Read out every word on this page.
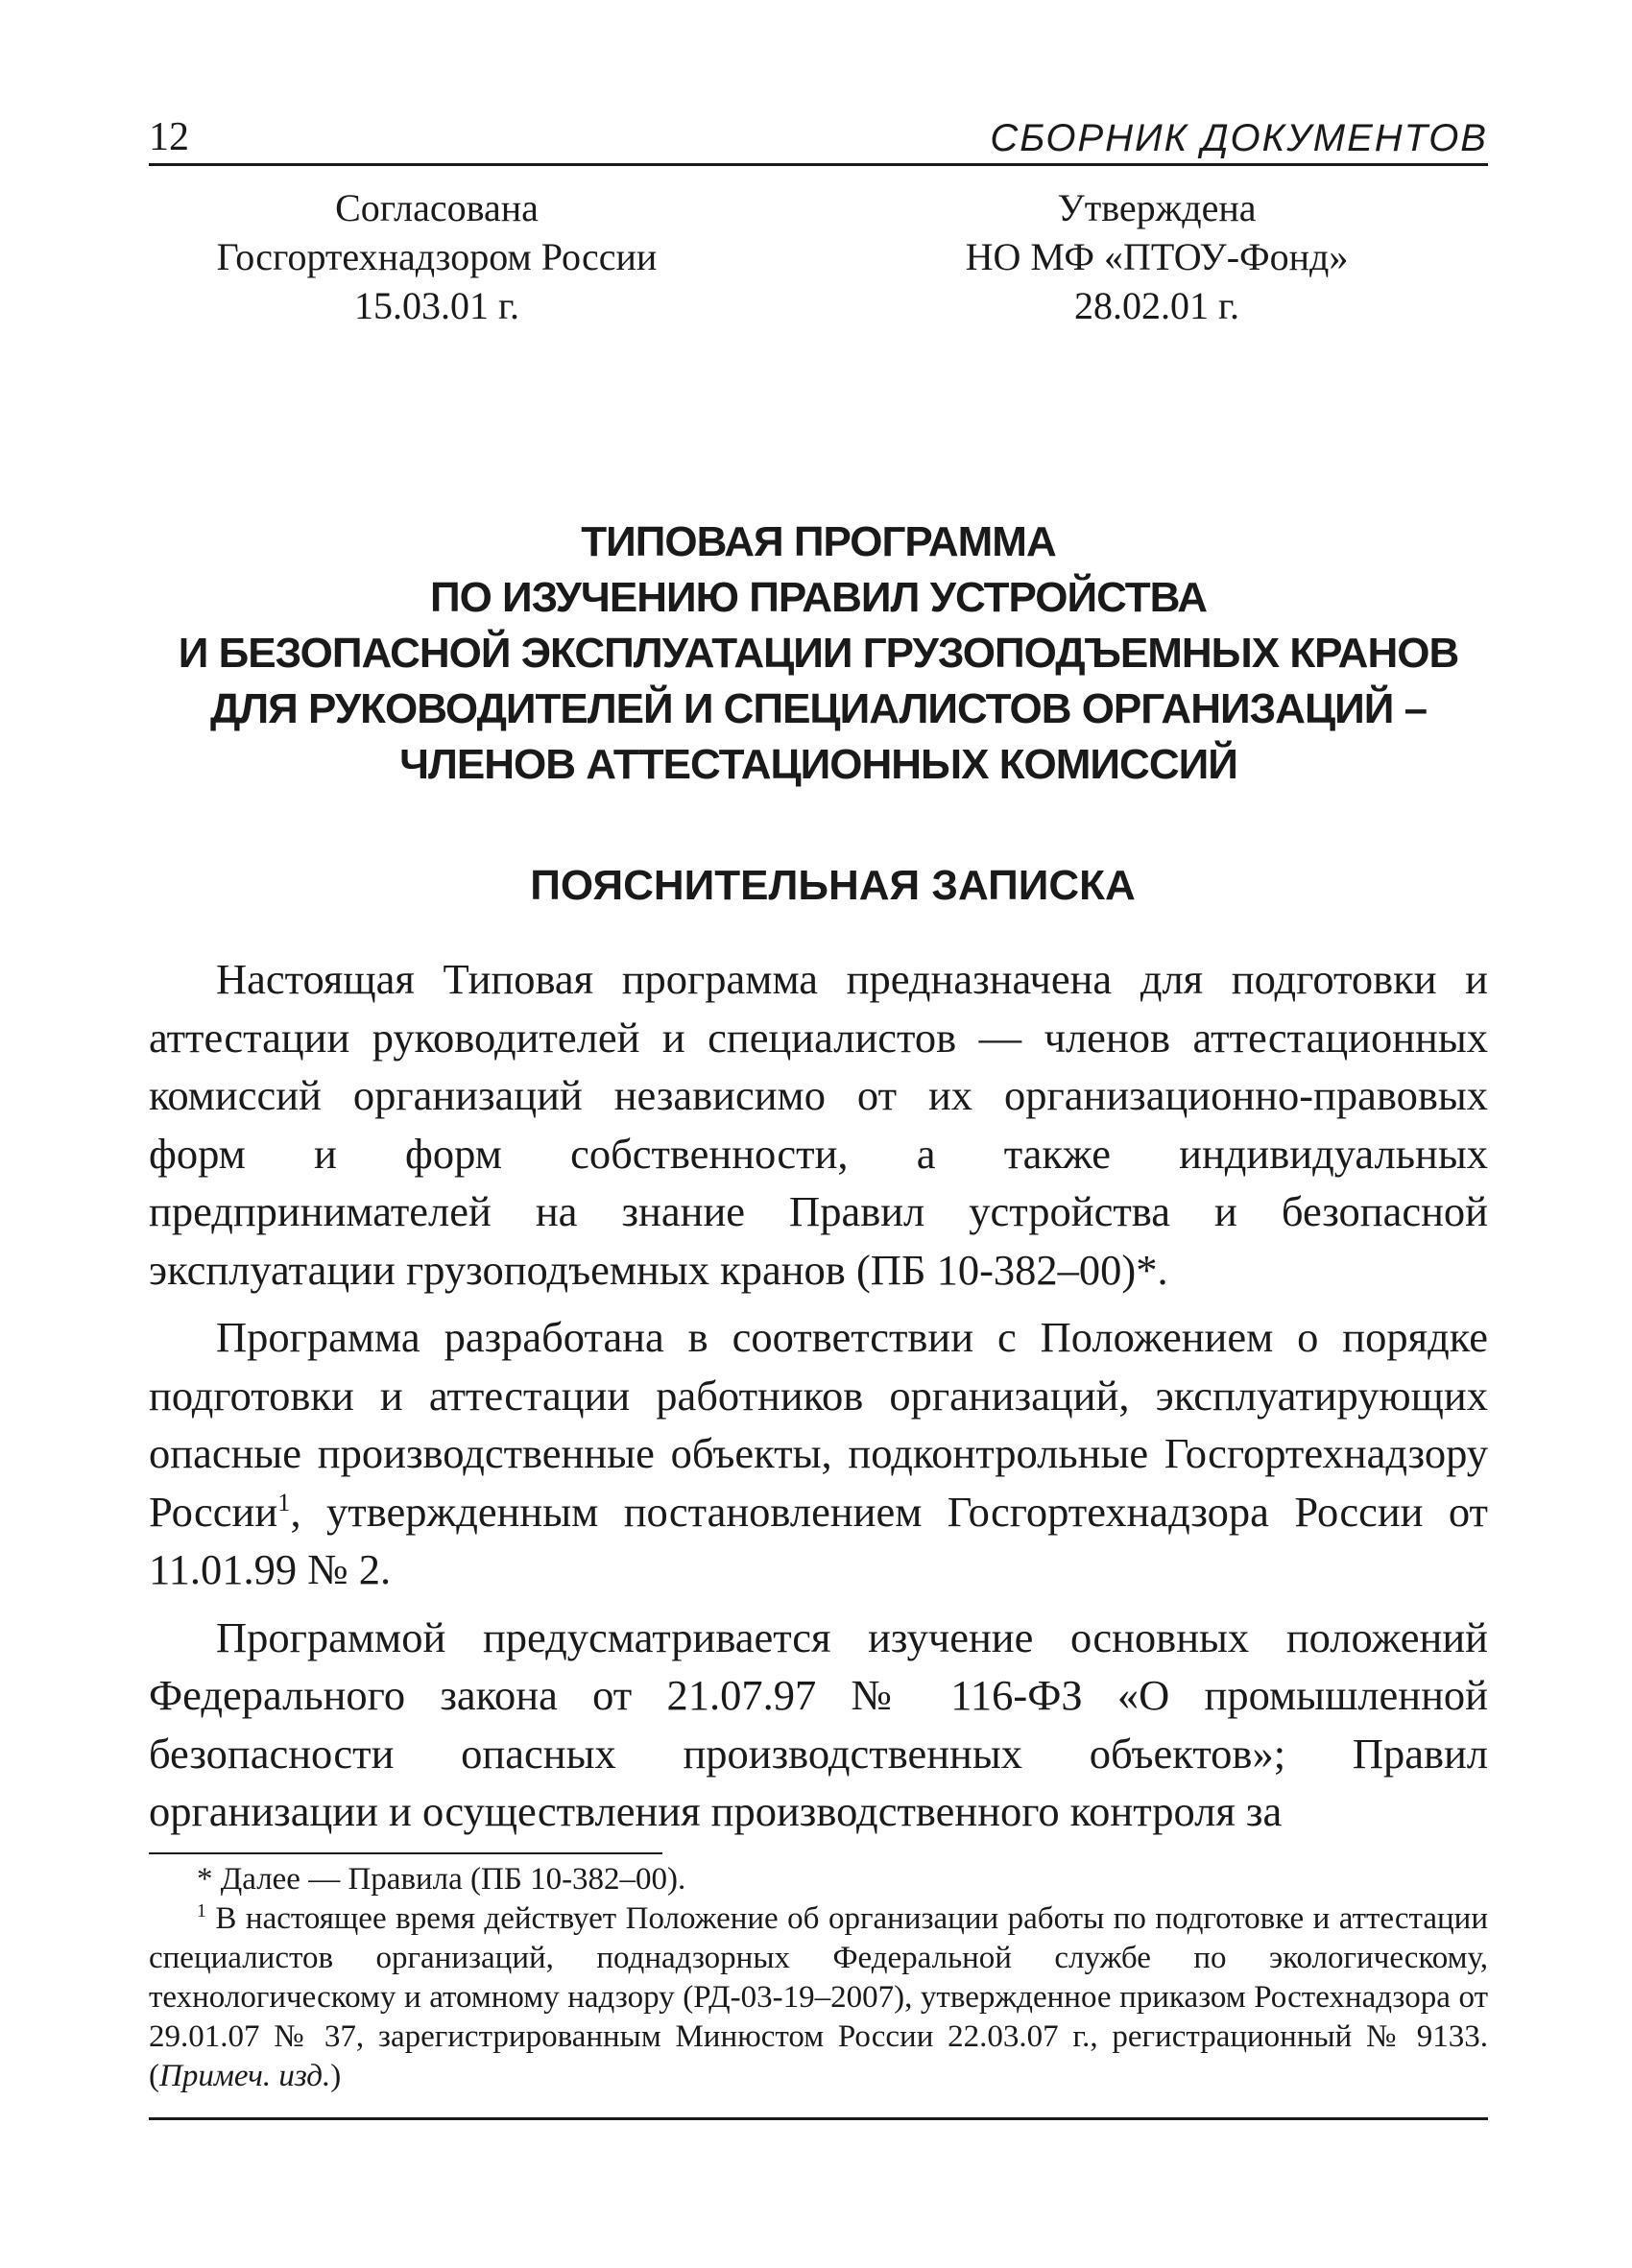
12	СБОРНИК ДОКУМЕНТОВ
Согласована
Госгортехнадзором России
15.03.01 г.
Утверждена
НО МФ «ПТОУ-Фонд»
28.02.01 г.
ТИПОВАЯ ПРОГРАММА
ПО ИЗУЧЕНИЮ ПРАВИЛ УСТРОЙСТВА
И БЕЗОПАСНОЙ ЭКСПЛУАТАЦИИ ГРУЗОПОДЪЕМНЫХ КРАНОВ
ДЛЯ РУКОВОДИТЕЛЕЙ И СПЕЦИАЛИСТОВ ОРГАНИЗАЦИЙ –
ЧЛЕНОВ АТТЕСТАЦИОННЫХ КОМИССИЙ
ПОЯСНИТЕЛЬНАЯ ЗАПИСКА

Настоящая Типовая программа предназначена для подготовки и аттестации руководителей и специалистов — членов аттестационных комиссий организаций независимо от их организационно-правовых форм и форм собственности, а также индивидуальных предпринимателей на знание Правил устройства и безопасной эксплуатации грузоподъемных кранов (ПБ 10-382–00)*.

Программа разработана в соответствии с Положением о порядке подготовки и аттестации работников организаций, эксплуатирующих опасные производственные объекты, подконтрольные Госгортехнадзору России$^1$, утвержденным постановлением Госгортехнадзора России от 11.01.99 № 2.

Программой предусматривается изучение основных положений Федерального закона от 21.07.97 № 116-ФЗ «О промышленной безопасности опасных производственных объектов»; Правил организации и осуществления производственного контроля за

* Далее — Правила (ПБ 10-382–00).

$^1$ В настоящее время действует Положение об организации работы по подготовке и аттестации специалистов организаций, поднадзорных Федеральной службе по экологическому, технологическому и атомному надзору (РД-03-19–2007), утвержденное приказом Ростехнадзора от 29.01.07 № 37, зарегистрированным Минюстом России 22.03.07 г., регистрационный № 9133. (Примеч. изд.)
